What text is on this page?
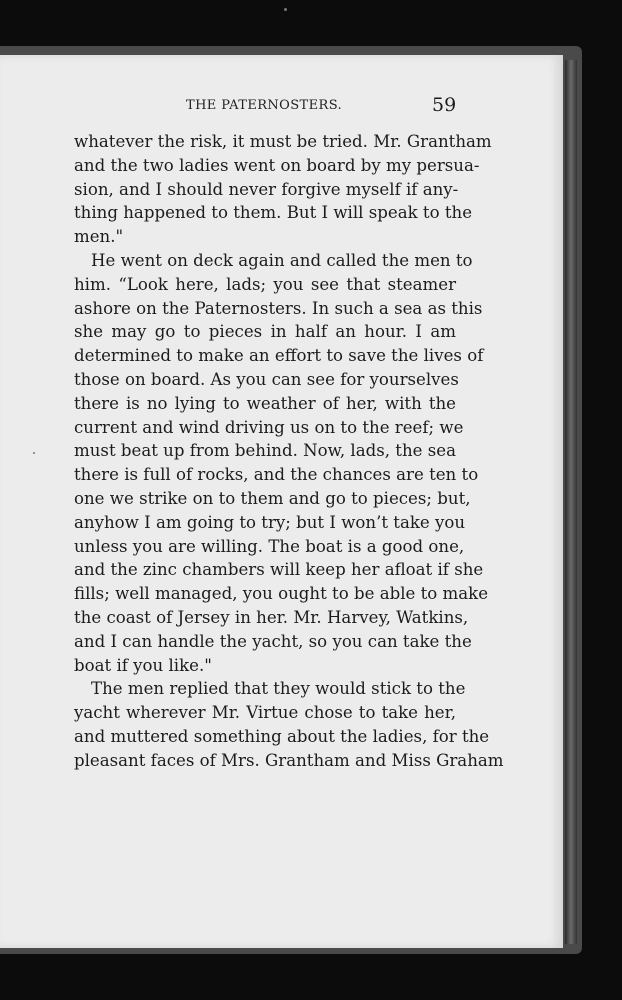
THE PATERNOSTERS.	59
whatever the risk, it must be tried. Mr. Grantham
and the two ladies went on board by my persua-
sion, and I should never forgive myself if any-
thing happened to them. But I will speak to the
men."
He went on deck again and called the men to
him. “Look here, lads; you see that steamer
ashore on the Paternosters. In such a sea as this
she may go to pieces in half an hour. I am
determined to make an effort to save the lives of
those on board. As you can see for yourselves
there is no lying to weather of her, with the
current and wind driving us on to the reef; we
must beat up from behind. Now, lads, the sea
there is full of rocks, and the chances are ten to
one we strike on to them and go to pieces; but,
anyhow I am going to try; but I won’t take you
unless you are willing. The boat is a good one,
and the zinc chambers will keep her afloat if she
fills; well managed, you ought to be able to make
the coast of Jersey in her. Mr. Harvey, Watkins,
and I can handle the yacht, so you can take the
boat if you like."
The men replied that they would stick to the
yacht wherever Mr. Virtue chose to take her,
and muttered something about the ladies, for the
pleasant faces of Mrs. Grantham and Miss Graham
